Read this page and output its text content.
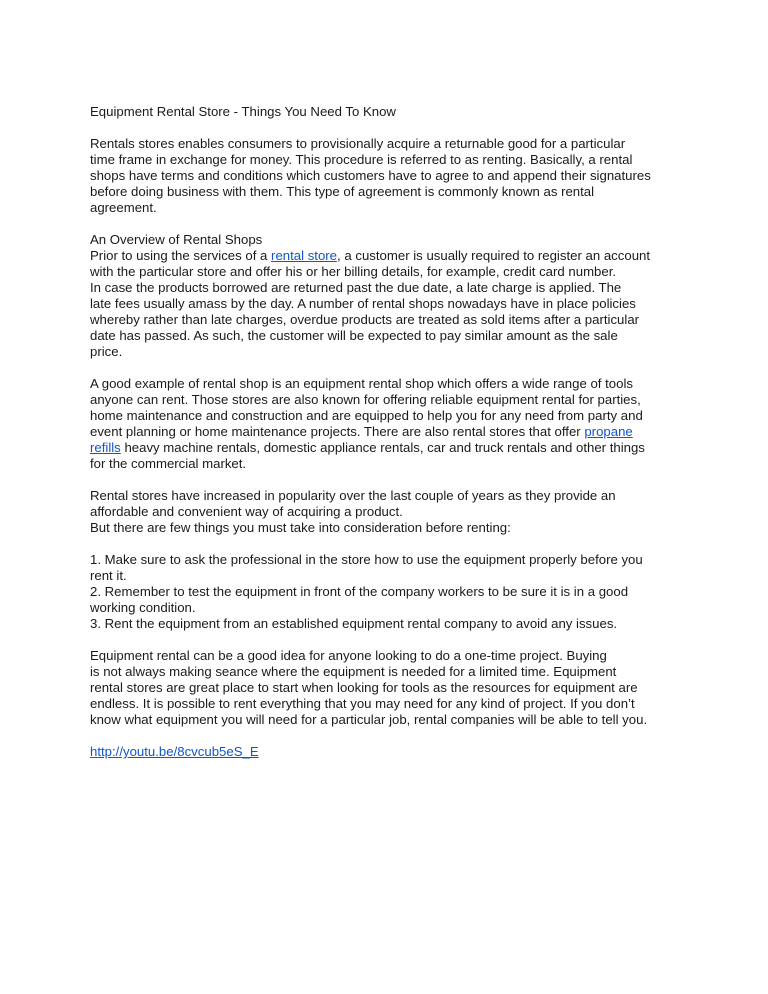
Equipment Rental Store - Things You Need To Know
Rentals stores enables consumers to provisionally acquire a returnable good for a particular
time frame in exchange for money. This procedure is referred to as renting. Basically, a rental
shops have terms and conditions which customers have to agree to and append their signatures
before doing business with them. This type of agreement is commonly known as rental
agreement.
An Overview of Rental Shops
Prior to using the services of a rental store, a customer is usually required to register an account
with the particular store and offer his or her billing details, for example, credit card number.
In case the products borrowed are returned past the due date, a late charge is applied. The
late fees usually amass by the day. A number of rental shops nowadays have in place policies
whereby rather than late charges, overdue products are treated as sold items after a particular
date has passed. As such, the customer will be expected to pay similar amount as the sale
price.
A good example of rental shop is an equipment rental shop which offers a wide range of tools
anyone can rent. Those stores are also known for offering reliable equipment rental for parties,
home maintenance and construction and are equipped to help you for any need from party and
event planning or home maintenance projects. There are also rental stores that offer propane
refills heavy machine rentals, domestic appliance rentals, car and truck rentals and other things
for the commercial market.
Rental stores have increased in popularity over the last couple of years as they provide an
affordable and convenient way of acquiring a product.
But there are few things you must take into consideration before renting:
1. Make sure to ask the professional in the store how to use the equipment properly before you
rent it.
2. Remember to test the equipment in front of the company workers to be sure it is in a good
working condition.
3. Rent the equipment from an established equipment rental company to avoid any issues.
Equipment rental can be a good idea for anyone looking to do a one-time project. Buying
is not always making seance where the equipment is needed for a limited time. Equipment
rental stores are great place to start when looking for tools as the resources for equipment are
endless. It is possible to rent everything that you may need for any kind of project. If you don’t
know what equipment you will need for a particular job, rental companies will be able to tell you.
http://youtu.be/8cvcub5eS_E
